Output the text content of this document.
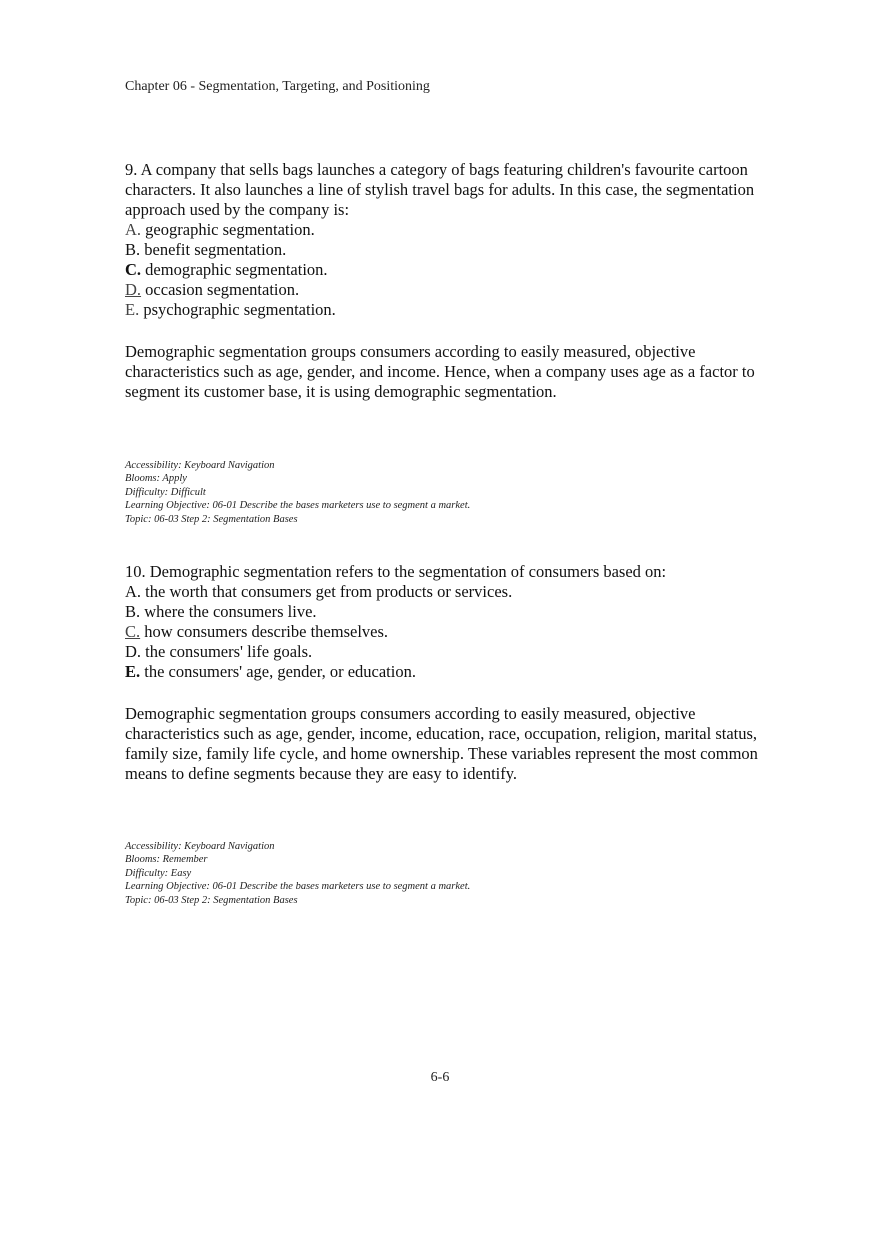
Chapter 06 - Segmentation, Targeting, and Positioning

9. A company that sells bags launches a category of bags featuring children's favourite cartoon characters. It also launches a line of stylish travel bags for adults. In this case, the segmentation approach used by the company is:

A. geographic segmentation.

B. benefit segmentation.

C. demographic segmentation.

D. occasion segmentation.

E. psychographic segmentation.

Demographic segmentation groups consumers according to easily measured, objective characteristics such as age, gender, and income. Hence, when a company uses age as a factor to segment its customer base, it is using demographic segmentation.

Accessibility: Keyboard Navigation
Blooms: Apply
Difficulty: Difficult
Learning Objective: 06-01 Describe the bases marketers use to segment a market.
Topic: 06-03 Step 2: Segmentation Bases

10. Demographic segmentation refers to the segmentation of consumers based on:

A. the worth that consumers get from products or services.

B. where the consumers live.

C. how consumers describe themselves.

D. the consumers' life goals.

E. the consumers' age, gender, or education.

Demographic segmentation groups consumers according to easily measured, objective characteristics such as age, gender, income, education, race, occupation, religion, marital status, family size, family life cycle, and home ownership. These variables represent the most common means to define segments because they are easy to identify.

Accessibility: Keyboard Navigation
Blooms: Remember
Difficulty: Easy
Learning Objective: 06-01 Describe the bases marketers use to segment a market.
Topic: 06-03 Step 2: Segmentation Bases
6-6
